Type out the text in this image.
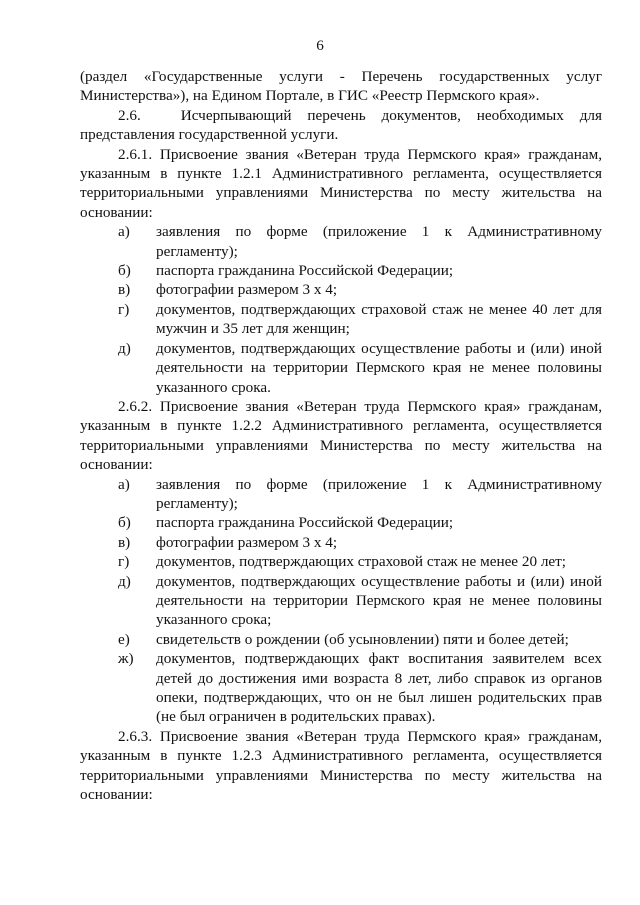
6

(раздел «Государственные услуги - Перечень государственных услуг Министерства»), на Едином Портале, в ГИС «Реестр Пермского края».

2.6.	Исчерпывающий перечень документов, необходимых для представления государственной услуги.

2.6.1. Присвоение звания «Ветеран труда Пермского края» гражданам, указанным в пункте 1.2.1 Административного регламента, осуществляется территориальными управлениями Министерства по месту жительства на основании:

а)	заявления по форме (приложение 1 к Административному регламенту);
б)	паспорта гражданина Российской Федерации;
в)	фотографии размером 3 x 4;
г)	документов, подтверждающих страховой стаж не менее 40 лет для мужчин и 35 лет для женщин;
д)	документов, подтверждающих осуществление работы и (или) иной деятельности на территории Пермского края не менее половины указанного срока.

2.6.2. Присвоение звания «Ветеран труда Пермского края» гражданам, указанным в пункте 1.2.2 Административного регламента, осуществляется территориальными управлениями Министерства по месту жительства на основании:

а)	заявления по форме (приложение 1 к Административному регламенту);
б)	паспорта гражданина Российской Федерации;
в)	фотографии размером 3 x 4;
г)	документов, подтверждающих страховой стаж не менее 20 лет;
д)	документов, подтверждающих осуществление работы и (или) иной деятельности на территории Пермского края не менее половины указанного срока;
е)	свидетельств о рождении (об усыновлении) пяти и более детей;
ж)	документов, подтверждающих факт воспитания заявителем всех детей до достижения ими возраста 8 лет, либо справок из органов опеки, подтверждающих, что он не был лишен родительских прав (не был ограничен в родительских правах).

2.6.3. Присвоение звания «Ветеран труда Пермского края» гражданам, указанным в пункте 1.2.3 Административного регламента, осуществляется территориальными управлениями Министерства по месту жительства на основании:
